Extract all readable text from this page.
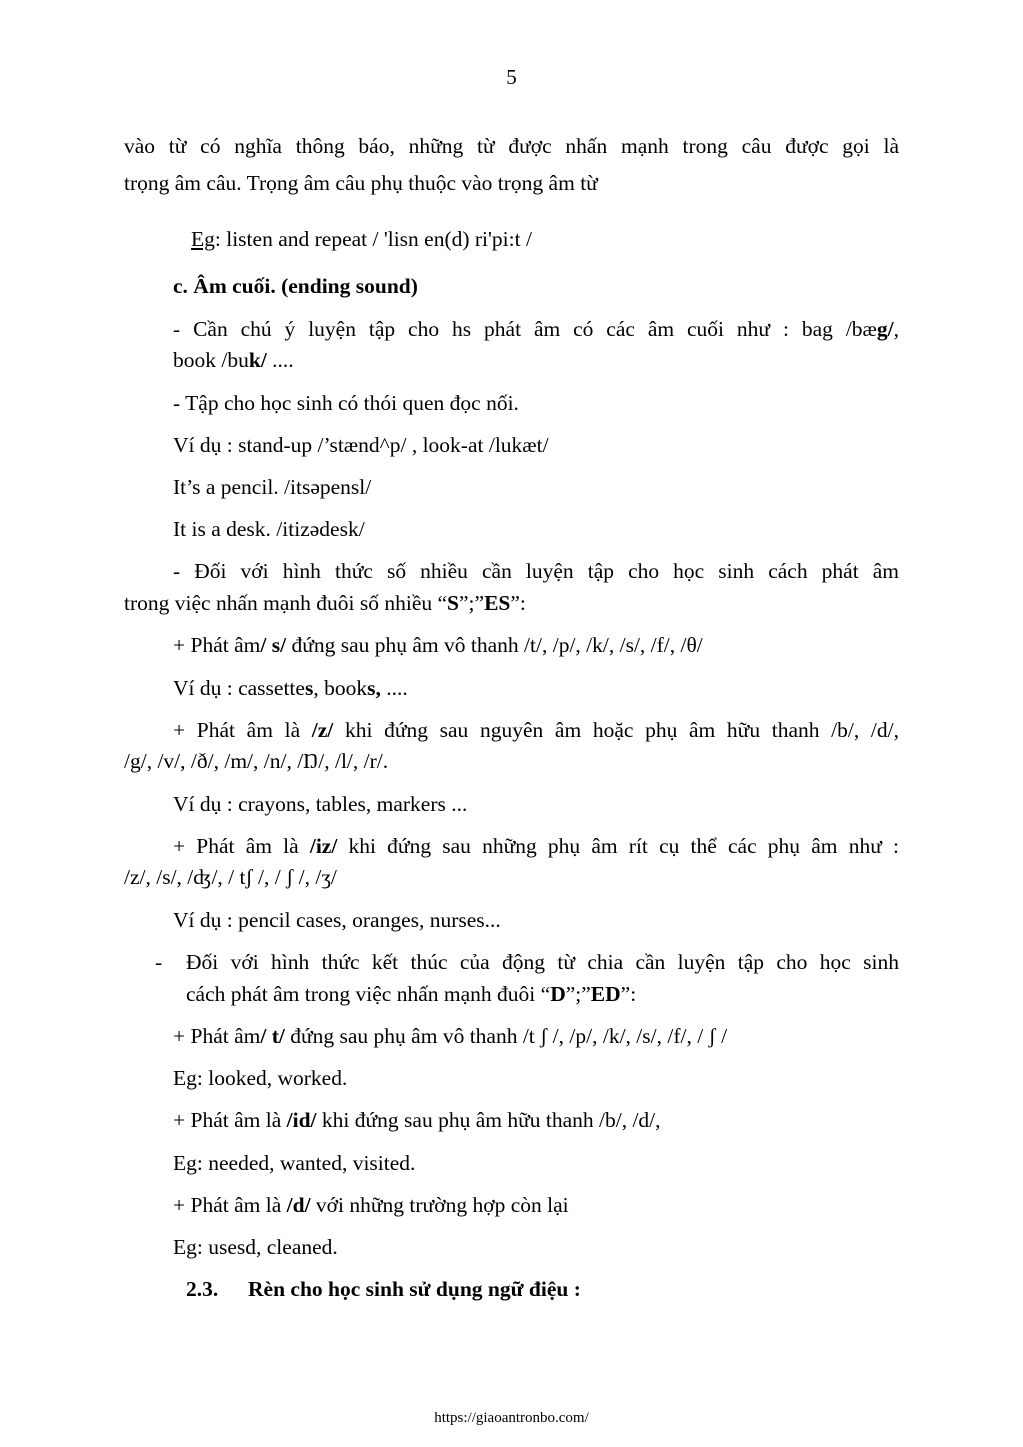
5
vào từ có nghĩa thông báo, những từ được nhấn mạnh trong câu được gọi là
trọng âm câu. Trọng âm câu phụ thuộc vào trọng âm từ
Eg: listen and repeat / 'lisn en(d) ri'pi:t /
c. Âm cuối. (ending sound)
- Cần chú ý luyện tập cho hs phát âm có các âm cuối như : bag /bæg/,
book /buk/ ....
- Tập cho học sinh có thói quen đọc nối.
Ví dụ : stand-up /’stænd^p/ , look-at /lukæt/
It’s a pencil. /itsəpensl/
It is a desk. /itizədesk/
- Đối với hình thức số nhiều cần luyện tập cho học sinh cách phát âm
trong việc nhấn mạnh đuôi số nhiều “S”;”ES”:
+ Phát âm/ s/ đứng sau phụ âm vô thanh /t/, /p/, /k/, /s/, /f/, /θ/
Ví dụ : cassettes, books, ....
+ Phát âm là /z/ khi đứng sau nguyên âm hoặc phụ âm hữu thanh /b/, /d/,
/g/, /v/, /ð/, /m/, /n/, /Ŋ/, /l/, /r/.
Ví dụ : crayons, tables, markers ...
+ Phát âm là /iz/ khi đứng sau những phụ âm rít cụ thể các phụ âm như :
/z/, /s/, /ʤ/, / tʃ /, / ʃ /, /ʒ/
Ví dụ : pencil cases, oranges, nurses...
- Đối với hình thức kết thúc của động từ chia cần luyện tập cho học sinh
cách phát âm trong việc nhấn mạnh đuôi “D”;”ED”:
+ Phát âm/ t/ đứng sau phụ âm vô thanh /t ʃ /, /p/, /k/, /s/, /f/, / ʃ /
Eg: looked, worked.
+ Phát âm là /id/ khi đứng sau phụ âm hữu thanh /b/, /d/,
Eg: needed, wanted, visited.
+ Phát âm là /d/ với những trường hợp còn lại
Eg: usesd, cleaned.
2.3. Rèn cho học sinh sử dụng ngữ điệu :
https://giaoantronbo.com/
